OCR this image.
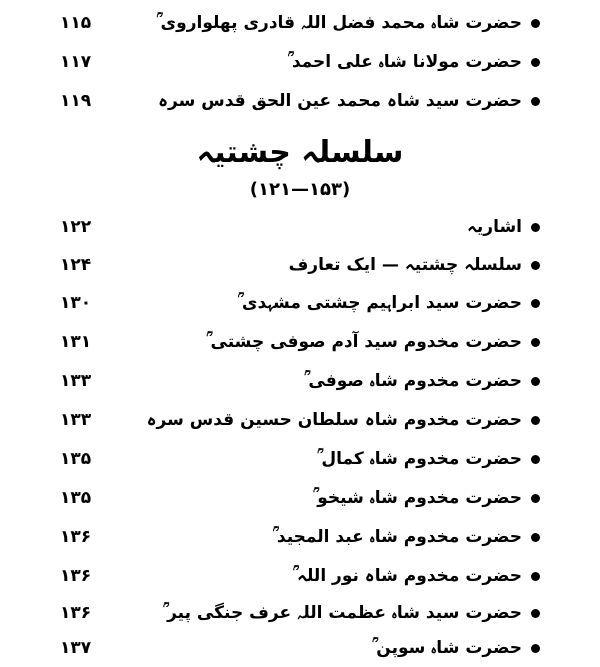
حضرت شاہ محمد فضل اللہ قادری پھلواروی ؒ
۱۱۵
حضرت مولانا شاہ علی احمد ؒ
۱۱۷
حضرت سید شاہ محمد عین الحق قدس سرہ
۱۱۹
سلسلہ چشتیہ
(۱۵۳—۱۲۱)
اشاریہ
۱۲۲
سلسلہ چشتیہ — ایک تعارف
۱۲۴
حضرت سید ابراہیم چشتی مشہدی ؒ
۱۳۰
حضرت مخدوم سید آدم صوفی چشتی ؒ
۱۳۱
حضرت مخدوم شاہ صوفی ؒ
۱۳۳
حضرت مخدوم شاہ سلطان حسین قدس سرہ
۱۳۳
حضرت مخدوم شاہ کمال ؒ
۱۳۵
حضرت مخدوم شاہ شیخو ؒ
۱۳۵
حضرت مخدوم شاہ عبد المجید ؒ
۱۳۶
حضرت مخدوم شاہ نور اللہ ؒ
۱۳۶
حضرت سید شاہ عظمت اللہ عرف جنگی پیر ؒ
۱۳۶
حضرت شاہ سوپن ؒ
۱۳۷
